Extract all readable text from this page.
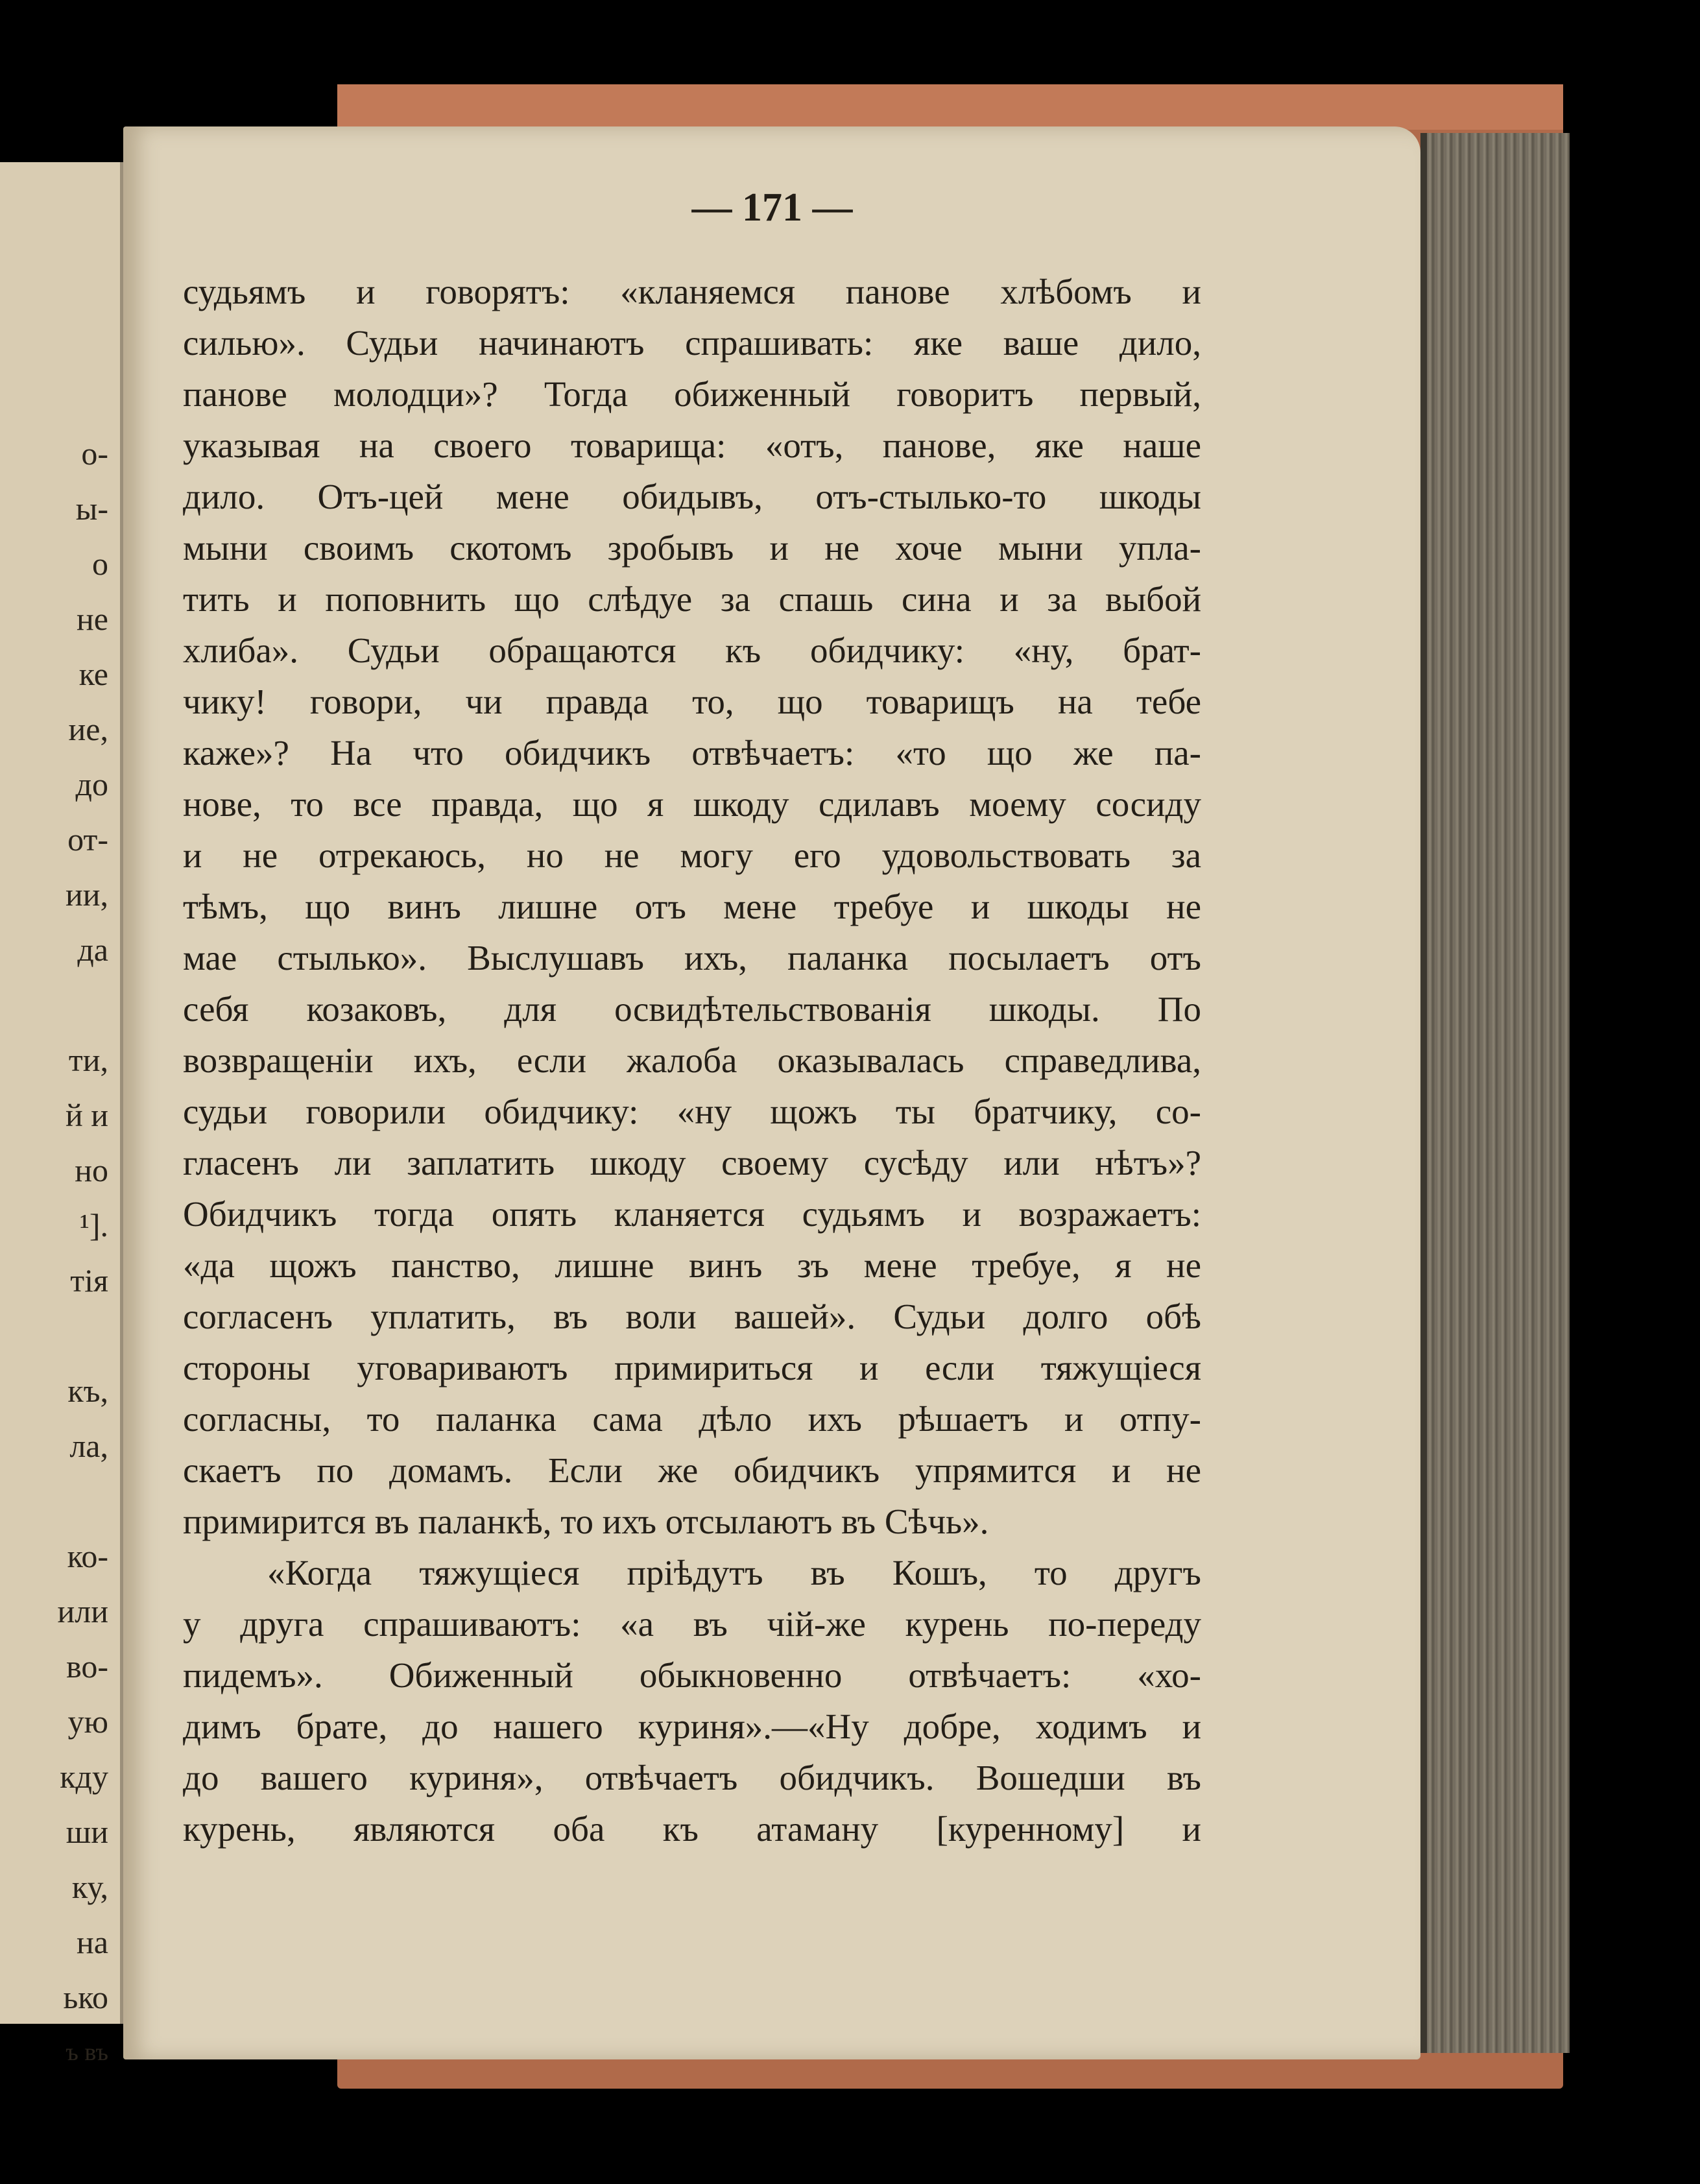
о-
ы-
о
не
ке
ие,
до
от-
ии,
да
ти,
й и
но
¹].
тія
къ,
ла,
ко-
или
во-
ую
кду
ши
ку,
на
ько
ъ въ
— 171 —
судьямъ и говорятъ: «кланяемся панове хлѣбомъ и
силью». Судьи начинаютъ спрашивать: яке ваше дило,
панове молодци»? Тогда обиженный говоритъ первый,
указывая на своего товарища: «отъ, панове, яке наше
дило. Отъ-цей мене обидывъ, отъ-стылько-то шкоды
мыни своимъ скотомъ зробывъ и не хоче мыни упла-
тить и поповнить що слѣдуе за спашь сина и за выбой
хлиба». Судьи обращаются къ обидчику: «ну, брат-
чику! говори, чи правда то, що товарищъ на тебе
каже»? На что обидчикъ отвѣчаетъ: «то що же па-
нове, то все правда, що я шкоду сдилавъ моему сосиду
и не отрекаюсь, но не могу его удовольствовать за
тѣмъ, що винъ лишне отъ мене требуе и шкоды не
мае стылько». Выслушавъ ихъ, паланка посылаетъ отъ
себя козаковъ, для освидѣтельствованія шкоды. По
возвращеніи ихъ, если жалоба оказывалась справедлива,
судьи говорили обидчику: «ну щожъ ты братчику, со-
гласенъ ли заплатить шкоду своему сусѣду или нѣтъ»?
Обидчикъ тогда опять кланяется судьямъ и возражаетъ:
«да щожъ панство, лишне винъ зъ мене требуе, я не
согласенъ уплатить, въ воли вашей». Судьи долго обѣ
стороны уговариваютъ примириться и если тяжущіеся
согласны, то паланка сама дѣло ихъ рѣшаетъ и отпу-
скаетъ по домамъ. Если же обидчикъ упрямится и не
примирится въ паланкѣ, то ихъ отсылаютъ въ Сѣчь».
«Когда тяжущіеся пріѣдутъ въ Кошъ, то другъ
у друга спрашиваютъ: «а въ чій-же курень по-переду
пидемъ». Обиженный обыкновенно отвѣчаетъ: «хо-
димъ брате, до нашего куриня».—«Ну добре, ходимъ и
до вашего куриня», отвѣчаетъ обидчикъ. Вошедши въ
курень, являются оба къ атаману [куренному] и
